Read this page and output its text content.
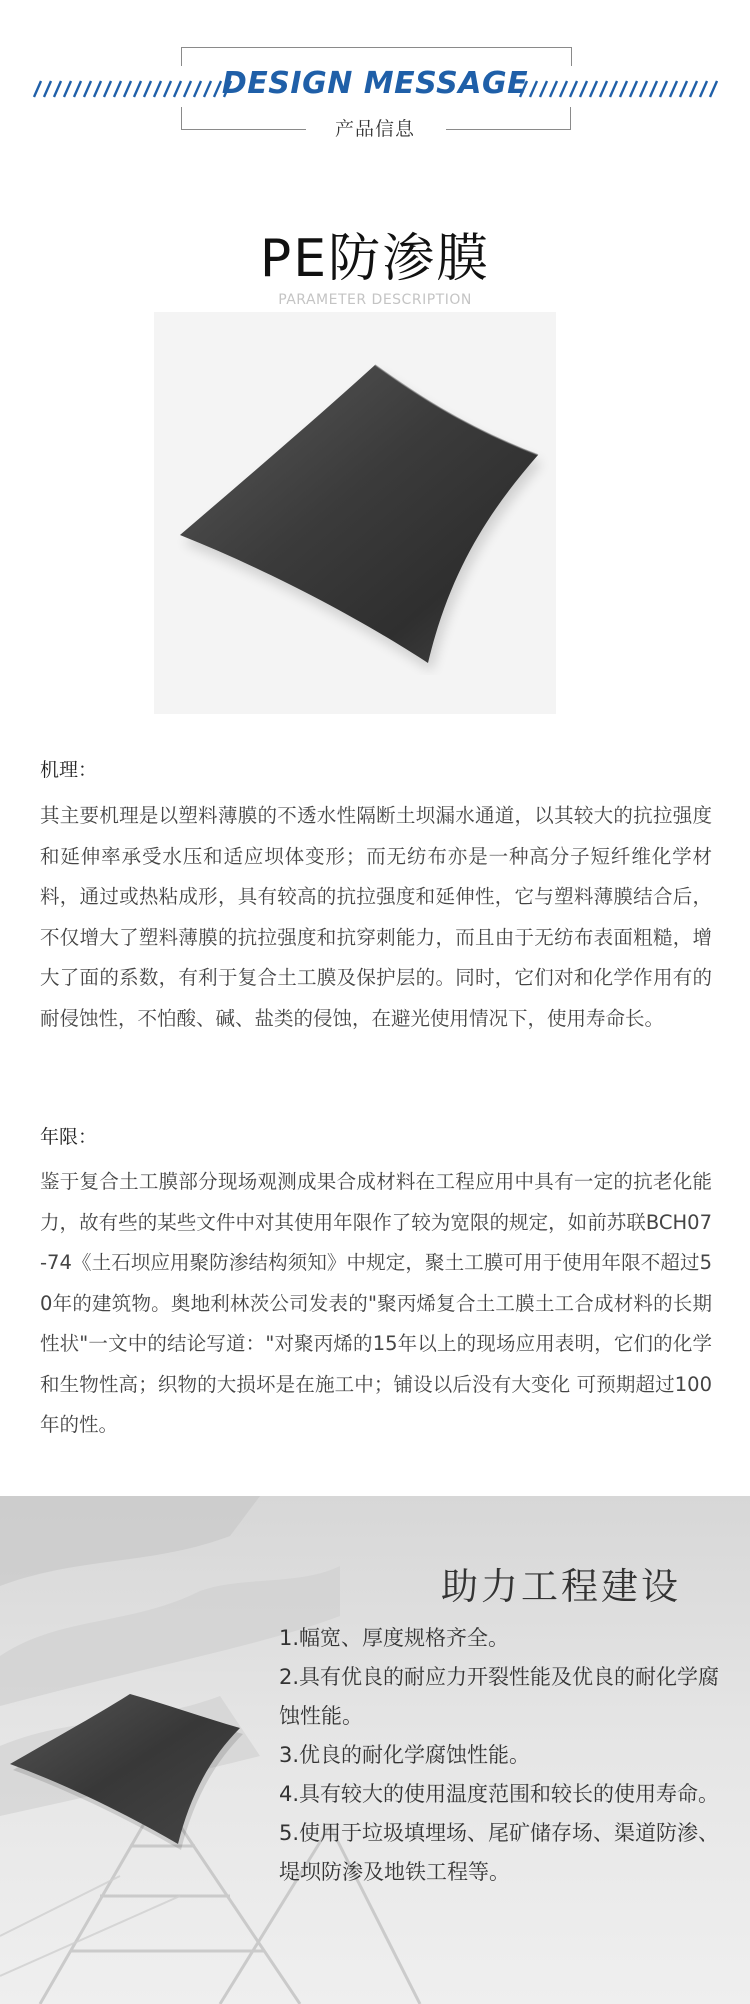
DESIGN MESSAGE
产品信息
PE防渗膜
PARAMETER DESCRIPTION
机理：

其主要机理是以塑料薄膜的不透水性隔断土坝漏水通道，以其较大的抗拉强度和延伸率承受水压和适应坝体变形；而无纺布亦是一种高分子短纤维化学材料，通过或热粘成形，具有较高的抗拉强度和延伸性，它与塑料薄膜结合后，不仅增大了塑料薄膜的抗拉强度和抗穿刺能力，而且由于无纺布表面粗糙，增大了面的系数，有利于复合土工膜及保护层的。同时，它们对和化学作用有的耐侵蚀性，不怕酸、碱、盐类的侵蚀，在避光使用情况下，使用寿命长。

年限：

鉴于复合土工膜部分现场观测成果合成材料在工程应用中具有一定的抗老化能力，故有些的某些文件中对其使用年限作了较为宽限的规定，如前苏联BCH07-74《土石坝应用聚防渗结构须知》中规定，聚土工膜可用于使用年限不超过50年的建筑物。奥地利林茨公司发表的"聚丙烯复合土工膜土工合成材料的长期性状"一文中的结论写道："对聚丙烯的15年以上的现场应用表明，它们的化学和生物性高；织物的大损坏是在施工中；铺设以后没有大变化 可预期超过100年的性。

助力工程建设
1.幅宽、厚度规格齐全。
2.具有优良的耐应力开裂性能及优良的耐化学腐蚀性能。
3.优良的耐化学腐蚀性能。
4.具有较大的使用温度范围和较长的使用寿命。
5.使用于垃圾填埋场、尾矿储存场、渠道防渗、堤坝防渗及地铁工程等。
